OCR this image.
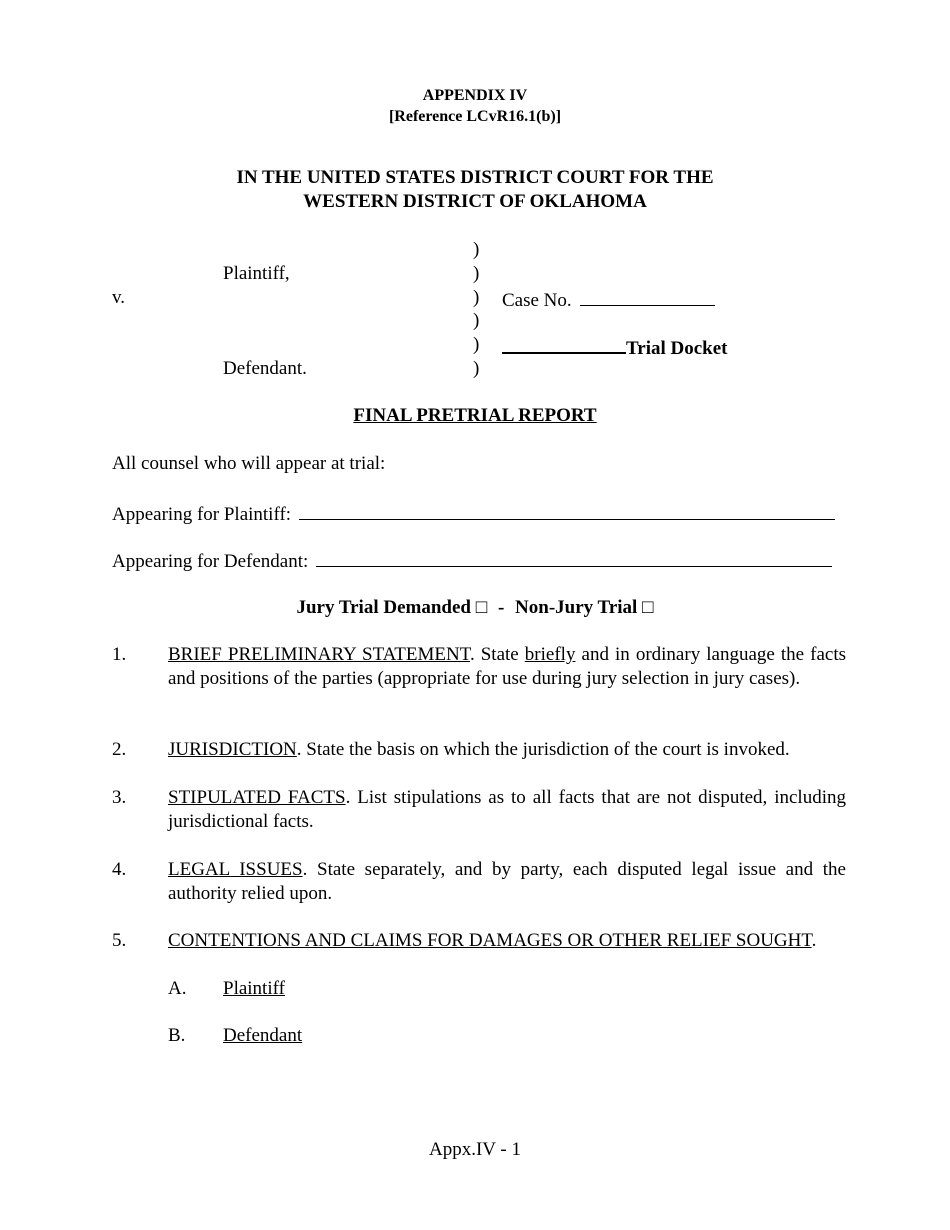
APPENDIX IV
[Reference LCvR16.1(b)]
IN THE UNITED STATES DISTRICT COURT FOR THE
WESTERN DISTRICT OF OKLAHOMA
Plaintiff,
v.
Defendant.
)
)
)
)
)
)
Case No.
Trial Docket
FINAL PRETRIAL REPORT
All counsel who will appear at trial:
Appearing for Plaintiff:
Appearing for Defendant:
Jury Trial Demanded □ - Non-Jury Trial □
1. BRIEF PRELIMINARY STATEMENT. State briefly and in ordinary language the facts and positions of the parties (appropriate for use during jury selection in jury cases).
2. JURISDICTION. State the basis on which the jurisdiction of the court is invoked.
3. STIPULATED FACTS. List stipulations as to all facts that are not disputed, including jurisdictional facts.
4. LEGAL ISSUES. State separately, and by party, each disputed legal issue and the authority relied upon.
5. CONTENTIONS AND CLAIMS FOR DAMAGES OR OTHER RELIEF SOUGHT.
A. Plaintiff
B. Defendant
Appx.IV - 1
